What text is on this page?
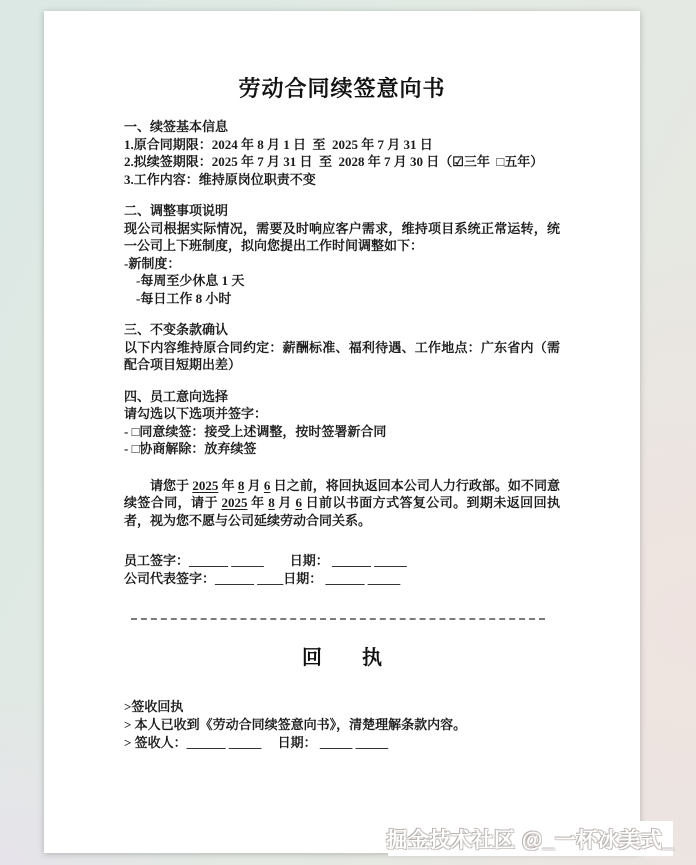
劳动合同续签意向书
一、续签基本信息
1.原合同期限：2024 年 8 月 1 日  至  2025 年 7 月 31 日
2.拟续签期限：2025 年 7 月 31 日  至  2028 年 7 月 30 日（☑三年  □五年）
3.工作内容：维持原岗位职责不变
二、调整事项说明

现公司根据实际情况，需要及时响应客户需求，维持项目系统正常运转，统一公司上下班制度，拟向您提出工作时间调整如下：

-新制度：
-每周至少休息 1 天
-每日工作 8 小时
三、不变条款确认

以下内容维持原合同约定：薪酬标准、福利待遇、工作地点：广东省内（需配合项目短期出差）

四、员工意向选择
请勾选以下选项并签字：
- □同意续签：接受上述调整，按时签署新合同
- □协商解除：放弃续签

请您于 2025 年 8 月 6 日之前，将回执返回本公司人力行政部。如不同意续签合同，请于 2025 年 8 月 6 日前以书面方式答复公司。到期未返回回执者，视为您不愿与公司延续劳动合同关系。

员工签字：______ _____　　日期： ______ _____
公司代表签字：______ ____日期： ______ _____
回　　执
>签收回执
> 本人已收到《劳动合同续签意向书》，清楚理解条款内容。
> 签收人：______ _____　 日期： _____ _____
掘金技术社区 @_一杯冰美式_
